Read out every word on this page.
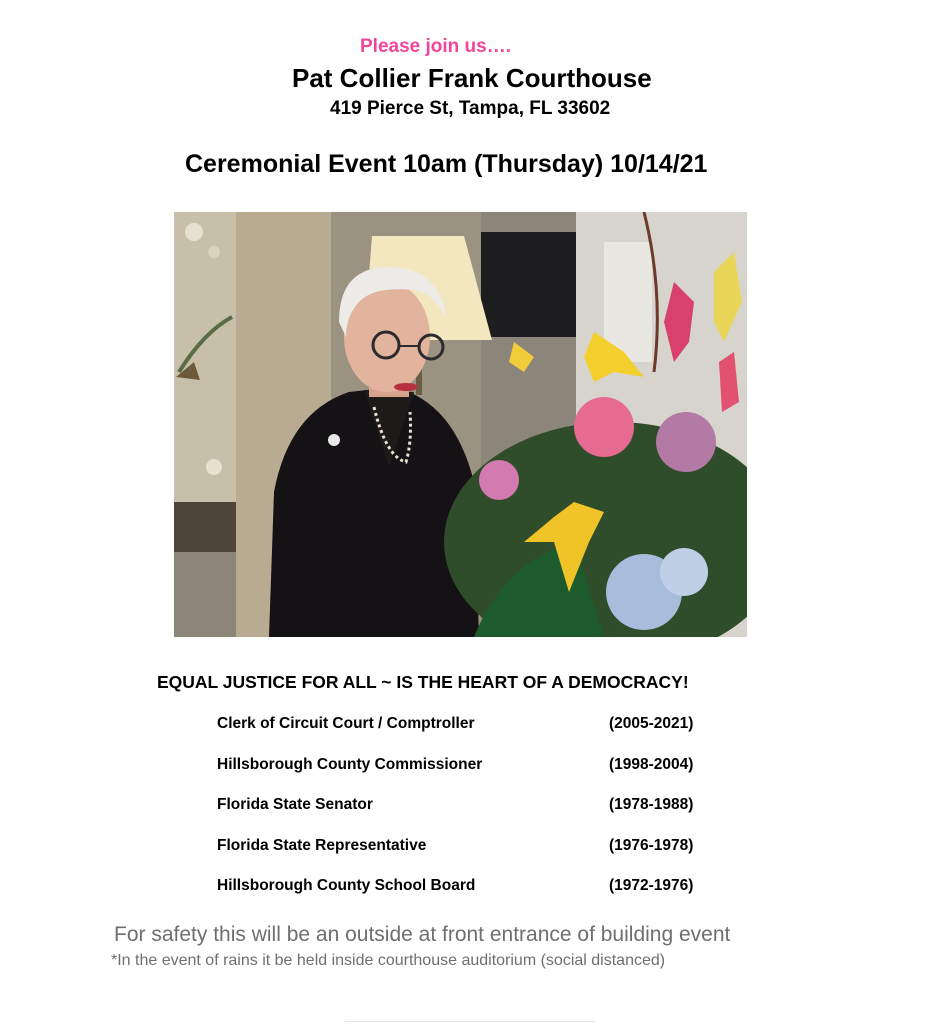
Please join us….
Pat Collier Frank Courthouse
419 Pierce St, Tampa, FL 33602
Ceremonial Event 10am (Thursday) 10/14/21
EQUAL JUSTICE FOR ALL ~ IS THE HEART OF A DEMOCRACY!
Clerk of Circuit Court / Comptroller	(2005-2021)
Hillsborough County Commissioner	(1998-2004)
Florida State Senator	(1978-1988)
Florida State Representative	(1976-1978)
Hillsborough County School Board	(1972-1976)
For safety this will be an outside at front entrance of building event
*In the event of rains it be held inside courthouse auditorium (social distanced)
